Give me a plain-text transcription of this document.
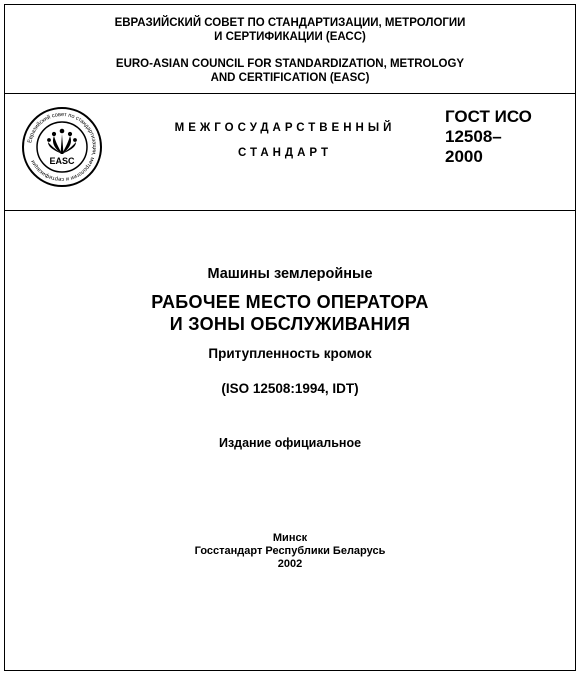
ЕВРАЗИЙСКИЙ СОВЕТ ПО СТАНДАРТИЗАЦИИ, МЕТРОЛОГИИ
И СЕРТИФИКАЦИИ (ЕАСС)
EURO-ASIAN COUNCIL FOR STANDARDIZATION, METROLOGY
AND CERTIFICATION (EASC)
Евразийский совет по стандартизации, метрологии и сертификации	EASC
МЕЖГОСУДАРСТВЕННЫЙ
СТАНДАРТ
ГОСТ ИСО
12508–
2000
Машины землеройные
РАБОЧЕЕ МЕСТО ОПЕРАТОРА
И ЗОНЫ ОБСЛУЖИВАНИЯ
Притупленность кромок
(ISO 12508:1994, IDT)
Издание официальное
Минск
Госстандарт Республики Беларусь
2002
